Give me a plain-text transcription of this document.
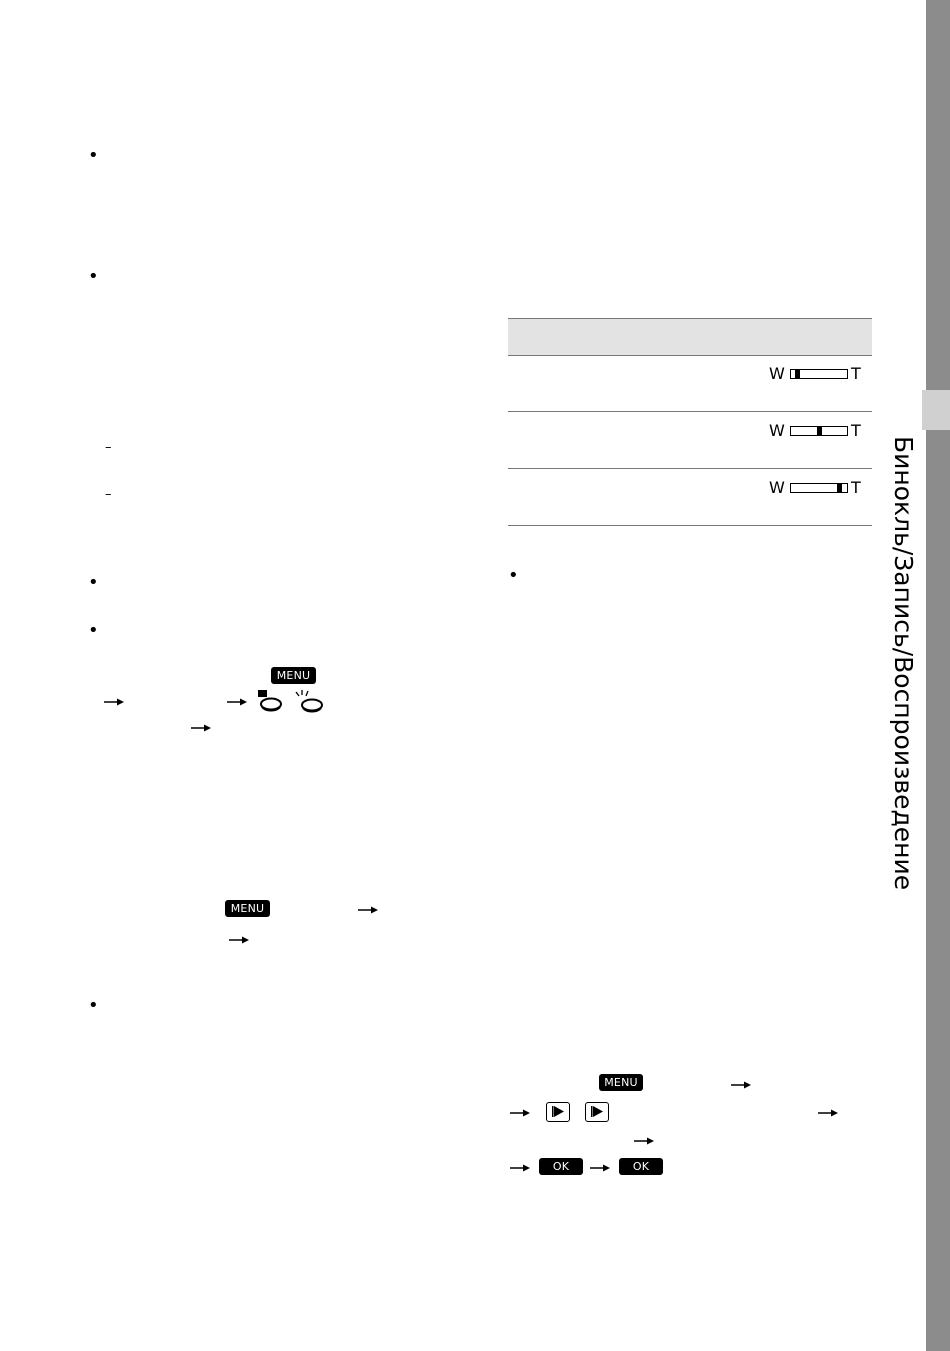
Бинокль/Запись/Воспроизведение
•
•
–
–
•
•
•
MENU
MENU
W	T
W	T
W	T
•
MENU
OK	OK
